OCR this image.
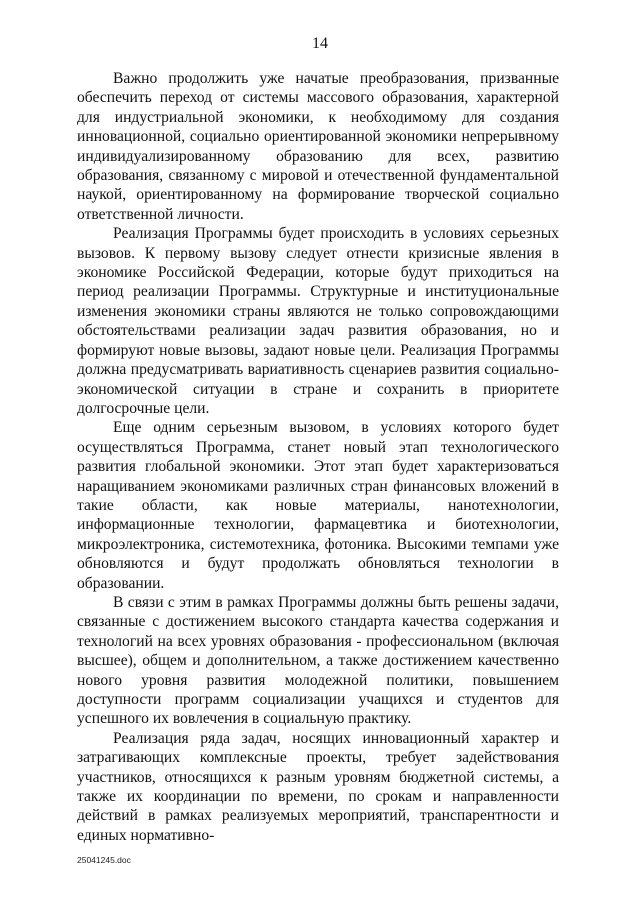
14

Важно продолжить уже начатые преобразования, призванные обеспечить переход от системы массового образования, характерной для индустриальной экономики, к необходимому для создания инновационной, социально ориентированной экономики непрерывному индивидуализированному образованию для всех, развитию образования, связанному с мировой и отечественной фундаментальной наукой, ориентированному на формирование творческой социально ответственной личности.

Реализация Программы будет происходить в условиях серьезных вызовов. К первому вызову следует отнести кризисные явления в экономике Российской Федерации, которые будут приходиться на период реализации Программы. Структурные и институциональные изменения экономики страны являются не только сопровождающими обстоятельствами реализации задач развития образования, но и формируют новые вызовы, задают новые цели. Реализация Программы должна предусматривать вариативность сценариев развития социально-экономической ситуации в стране и сохранить в приоритете долгосрочные цели.

Еще одним серьезным вызовом, в условиях которого будет осуществляться Программа, станет новый этап технологического развития глобальной экономики. Этот этап будет характеризоваться наращиванием экономиками различных стран финансовых вложений в такие области, как новые материалы, нанотехнологии, информационные технологии, фармацевтика и биотехнологии, микроэлектроника, системотехника, фотоника. Высокими темпами уже обновляются и будут продолжать обновляться технологии в образовании.

В связи с этим в рамках Программы должны быть решены задачи, связанные с достижением высокого стандарта качества содержания и технологий на всех уровнях образования - профессиональном (включая высшее), общем и дополнительном, а также достижением качественно нового уровня развития молодежной политики, повышением доступности программ социализации учащихся и студентов для успешного их вовлечения в социальную практику.

Реализация ряда задач, носящих инновационный характер и затрагивающих комплексные проекты, требует задействования участников, относящихся к разным уровням бюджетной системы, а также их координации по времени, по срокам и направленности действий в рамках реализуемых мероприятий, транспарентности и единых нормативно-

25041245.doc
